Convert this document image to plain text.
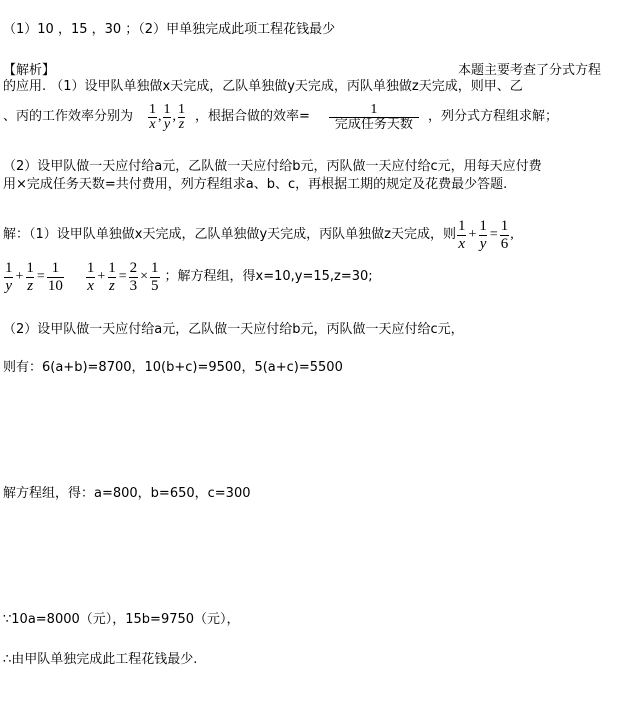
（1）10 ，15 ，30 ；（2）甲单独完成此项工程花钱最少
【解析】	本题主要考查了分式方程
的应用. （1）设甲队单独做x天完成，乙队单独做y天完成，丙队单独做z天完成，则甲、乙
、丙的工作效率分别为 $\frac{1}{x}$ , $\frac{1}{y}$ , $\frac{1}{z}$ ，根据合做的效率= $\frac{1}{\text{完成任务天数}}$ ，列分式方程组求解；
（2）设甲队做一天应付给a元，乙队做一天应付给b元，丙队做一天应付给c元，用每天应付费
用×完成任务天数=共付费用，列方程组求a、b、c，再根据工期的规定及花费最少答题.
解：（1）设甲队单独做x天完成，乙队单独做y天完成，丙队单独做z天完成，则 $\frac{1}{x} + \frac{1}{y} = \frac{1}{6}$ ,
$\frac{1}{y} + \frac{1}{z} = \frac{1}{10} \frac{1}{x} + \frac{1}{z} = \frac{2}{3} \times \frac{1}{5}$ ；解方程组，得x=10,y=15,z=30;
（2）设甲队做一天应付给a元，乙队做一天应付给b元，丙队做一天应付给c元，
则有：6(a+b)=8700，10(b+c)=9500，5(a+c)=5500
解方程组，得：a=800，b=650，c=300
∵10a=8000（元），15b=9750（元），
∴由甲队单独完成此工程花钱最少.
